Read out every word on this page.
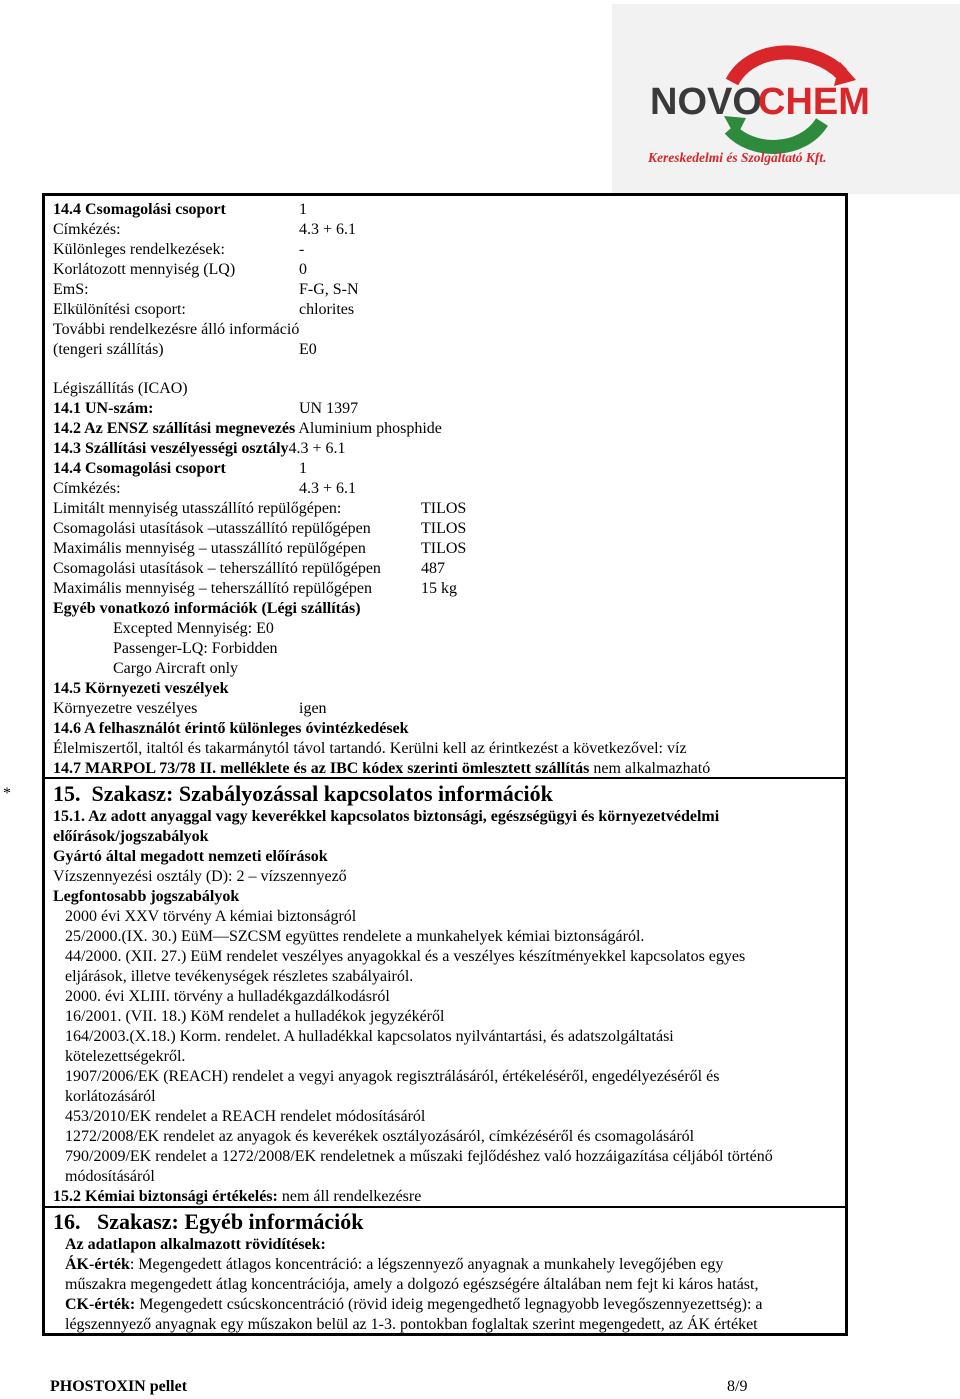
NOVO
CHEM
Kereskedelmi és Szolgáltató Kft.
*
14.4 Csomagolási csoport	1
Címkézés:	4.3 + 6.1
Különleges rendelkezések:	-
Korlátozott mennyiség (LQ)	0
EmS:	F-G, S-N
Elkülönítési csoport:	chlorites
További rendelkezésre álló információ
(tengeri szállítás)	E0
Légiszállítás (ICAO)
14.1 UN-szám:	UN 1397
14.2 Az ENSZ szállítási megnevezés Aluminium phosphide
14.3 Szállítási veszélyességi osztály4.3 + 6.1
14.4 Csomagolási csoport	1
Címkézés:	4.3 + 6.1
Limitált mennyiség utasszállító repülőgépen:	TILOS
Csomagolási utasítások –utasszállító repülőgépen	TILOS
Maximális mennyiség – utasszállító repülőgépen	TILOS
Csomagolási utasítások – teherszállító repülőgépen	487
Maximális mennyiség – teherszállító repülőgépen	15 kg
Egyéb vonatkozó információk (Légi szállítás)
Excepted Mennyiség: E0
Passenger-LQ: Forbidden
Cargo Aircraft only
14.5 Környezeti veszélyek
Környezetre veszélyes	igen
14.6 A felhasználót érintő különleges óvintézkedések
Élelmiszertől, italtól és takarmánytól távol tartandó. Kerülni kell az érintkezést a következővel: víz
14.7 MARPOL 73/78 II. melléklete és az IBC kódex szerinti ömlesztett szállítás nem alkalmazható
15. Szakasz: Szabályozással kapcsolatos információk
15.1. Az adott anyaggal vagy keverékkel kapcsolatos biztonsági, egészségügyi és környezetvédelmi
előírások/jogszabályok
Gyártó által megadott nemzeti előírások
Vízszennyezési osztály (D): 2 – vízszennyező
Legfontosabb jogszabályok
2000 évi XXV törvény A kémiai biztonságról
25/2000.(IX. 30.) EüM—SZCSM együttes rendelete a munkahelyek kémiai biztonságáról.
44/2000. (XII. 27.) EüM rendelet veszélyes anyagokkal és a veszélyes készítményekkel kapcsolatos egyes
eljárások, illetve tevékenységek részletes szabályairól.
2000. évi XLIII. törvény a hulladékgazdálkodásról
16/2001. (VII. 18.) KöM rendelet a hulladékok jegyzékéről
164/2003.(X.18.) Korm. rendelet. A hulladékkal kapcsolatos nyilvántartási, és adatszolgáltatási
kötelezettségekről.
1907/2006/EK (REACH) rendelet a vegyi anyagok regisztrálásáról, értékeléséről, engedélyezéséről és
korlátozásáról
453/2010/EK rendelet a REACH rendelet módosításáról
1272/2008/EK rendelet az anyagok és keverékek osztályozásáról, címkézéséről és csomagolásáról
790/2009/EK rendelet a 1272/2008/EK rendeletnek a műszaki fejlődéshez való hozzáigazítása céljából történő
módosításáról
15.2 Kémiai biztonsági értékelés: nem áll rendelkezésre
16. Szakasz: Egyéb információk
Az adatlapon alkalmazott rövidítések:
ÁK-érték: Megengedett átlagos koncentráció: a légszennyező anyagnak a munkahely levegőjében egy
műszakra megengedett átlag koncentrációja, amely a dolgozó egészségére általában nem fejt ki káros hatást,
CK-érték: Megengedett csúcskoncentráció (rövid ideig megengedhető legnagyobb levegőszennyezettség): a
légszennyező anyagnak egy műszakon belül az 1-3. pontokban foglaltak szerint megengedett, az ÁK értéket
PHOSTOXIN pellet	8/9
